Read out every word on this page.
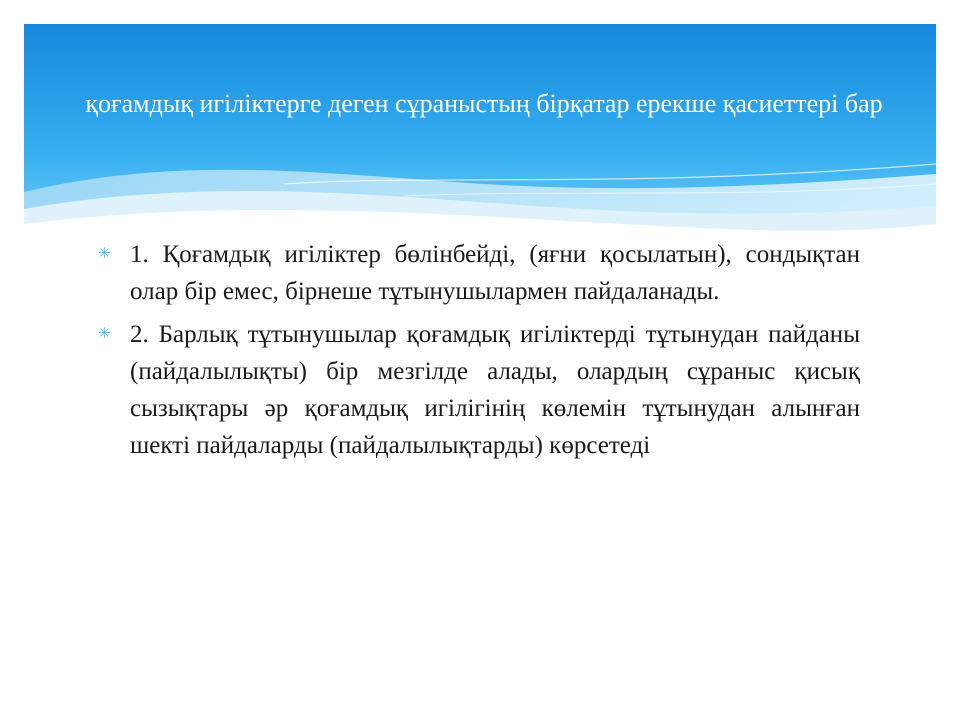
қоғамдық игіліктерге деген сұраныстың бірқатар ерекше қасиеттері бар
✳ 1. Қоғамдық игіліктер бөлінбейді, (яғни қосылатын), сондықтан олар бір емес, бірнеше тұтынушылармен пайдаланады.
✳ 2. Барлық тұтынушылар қоғамдық игіліктерді тұтынудан пайданы (пайдалылықты) бір мезгілде алады, олардың сұраныс қисық сызықтары әр қоғамдық игілігінің көлемін тұтынудан алынған шекті пайдаларды (пайдалылықтарды) көрсетеді
